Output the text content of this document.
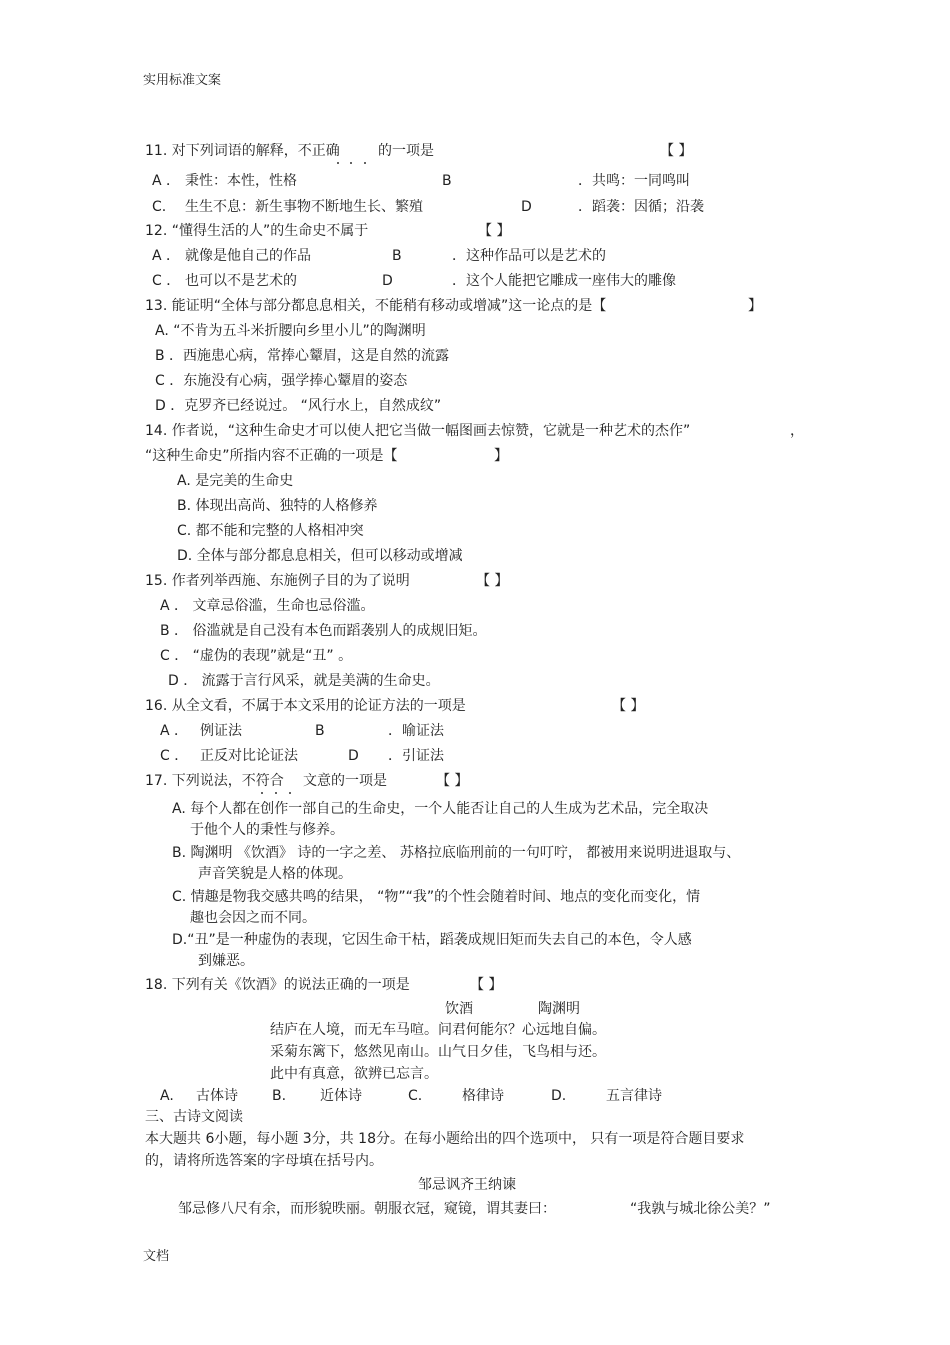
实用标准文案
11. 对下列词语的解释，不正确	的一项是	【 】
A ． 秉性：本性，性格	B	．共鸣：一同鸣叫
C. 生生不息：新生事物不断地生长、繁殖	D	．蹈袭：因循；沿袭
12. “懂得生活的人”的生命史不属于	【 】
A ． 就像是他自己的作品	B	．这种作品可以是艺术的
C ． 也可以不是艺术的	D	．这个人能把它雕成一座伟大的雕像
13. 能证明“全体与部分都息息相关，不能稍有移动或增减”这一论点的是【	】
A. “不肯为五斗米折腰向乡里小儿”的陶渊明
B ．西施患心病，常捧心颦眉，这是自然的流露
C ．东施没有心病，强学捧心颦眉的姿态
D ．克罗齐已经说过。 “风行水上，自然成纹”
14. 作者说，“这种生命史才可以使人把它当做一幅图画去惊赞，它就是一种艺术的杰作”	，
“这种生命史”所指内容不正确的一项是【	】
A. 是完美的生命史
B. 体现出高尚、独特的人格修养
C. 都不能和完整的人格相冲突
D. 全体与部分都息息相关，但可以移动或增减
15. 作者列举西施、东施例子目的为了说明	【 】
A ． 文章忌俗滥，生命也忌俗滥。
B ． 俗滥就是自己没有本色而蹈袭别人的成规旧矩。
C ． “虚伪的表现”就是“丑” 。
D ． 流露于言行风采，就是美满的生命史。
16. 从全文看，不属于本文采用的论证方法的一项是	【 】
A ． 例证法	B	．喻证法
C ． 正反对比论证法	D ．引证法
17. 下列说法，不符合 文意的一项是	【 】
A. 每个人都在创作一部自己的生命史，一个人能否让自己的人生成为艺术品，完全取决
于他个人的秉性与修养。
B. 陶渊明 《饮酒》 诗的一字之差、 苏格拉底临刑前的一句叮咛， 都被用来说明进退取与、
声音笑貌是人格的体现。
C. 情趣是物我交感共鸣的结果， “物”“我”的个性会随着时间、地点的变化而变化，情
趣也会因之而不同。
D.“丑”是一种虚伪的表现，它因生命干枯，蹈袭成规旧矩而失去自己的本色，令人感
到嫌恶。
18. 下列有关《饮酒》的说法正确的一项是	【 】
饮酒	陶渊明
结庐在人境，而无车马喧。问君何能尔？心远地自偏。
采菊东篱下，悠然见南山。山气日夕佳，飞鸟相与还。
此中有真意，欲辨已忘言。
A. 古体诗 B. 近体诗	C.	格律诗	D.	五言律诗
三、古诗文阅读
本大题共 6小题，每小题 3分，共 18分。在每小题给出的四个选项中， 只有一项是符合题目要求
的，请将所选答案的字母填在括号内。
邹忌讽齐王纳谏
邹忌修八尺有余，而形貌昳丽。朝服衣冠，窥镜，谓其妻曰：	“我孰与城北徐公美？”
文档
